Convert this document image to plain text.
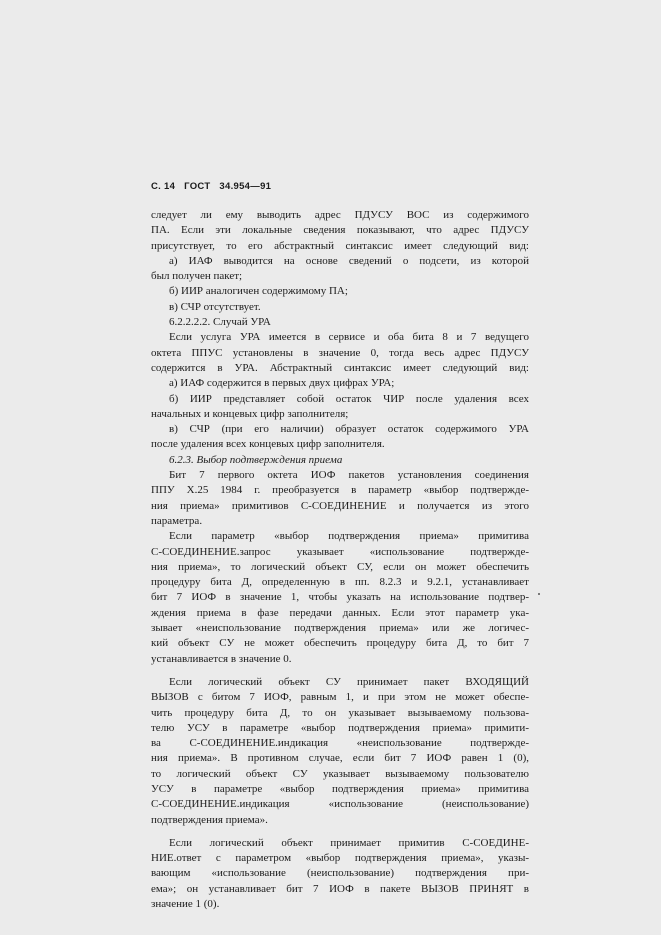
С. 14 ГОСТ 34.954—91
следует ли ему выводить адрес ПДУСУ ВОС из содержимого
ПА. Если эти локальные сведения показывают, что адрес ПДУСУ
присутствует, то его абстрактный синтаксис имеет следующий вид:
а) ИАФ выводится на основе сведений о подсети, из которой
был получен пакет;
б) ИИР аналогичен содержимому ПА;
в) СЧР отсутствует.
6.2.2.2.2. Случай УРА
Если услуга УРА имеется в сервисе и оба бита 8 и 7 ведущего
октета ППУС установлены в значение 0, тогда весь адрес ПДУСУ
содержится в УРА. Абстрактный синтаксис имеет следующий вид:
а) ИАФ содержится в первых двух цифрах УРА;
б) ИИР представляет собой остаток ЧИР после удаления всех
начальных и концевых цифр заполнителя;
в) СЧР (при его наличии) образует остаток содержимого УРА
после удаления всех концевых цифр заполнителя.
6.2.3. Выбор подтверждения приема
Бит 7 первого октета ИОФ пакетов установления соединения
ППУ X.25 1984 г. преобразуется в параметр «выбор подтвержде-
ния приема» примитивов С-СОЕДИНЕНИЕ и получается из этого
параметра.
Если параметр «выбор подтверждения приема» примитива
С-СОЕДИНЕНИЕ.запрос указывает «использование подтвержде-
ния приема», то логический объект СУ, если он может обеспечить
процедуру бита Д, определенную в пп. 8.2.3 и 9.2.1, устанавливает
бит 7 ИОФ в значение 1, чтобы указать на использование подтвер-
ждения приема в фазе передачи данных. Если этот параметр ука-
зывает «неиспользование подтверждения приема» или же логичес-
кий объект СУ не может обеспечить процедуру бита Д, то бит 7
устанавливается в значение 0.
Если логический объект СУ принимает пакет ВХОДЯЩИЙ
ВЫЗОВ с битом 7 ИОФ, равным 1, и при этом не может обеспе-
чить процедуру бита Д, то он указывает вызываемому пользова-
телю УСУ в параметре «выбор подтверждения приема» примити-
ва С-СОЕДИНЕНИЕ.индикация «неиспользование подтвержде-
ния приема». В противном случае, если бит 7 ИОФ равен 1 (0),
то логический объект СУ указывает вызываемому пользователю
УСУ в параметре «выбор подтверждения приема» примитива
С-СОЕДИНЕНИЕ.индикация «использование (неиспользование)
подтверждения приема».
Если логический объект принимает примитив С-СОЕДИНЕ-
НИЕ.ответ с параметром «выбор подтверждения приема», указы-
вающим «использование (неиспользование) подтверждения при-
ема»; он устанавливает бит 7 ИОФ в пакете ВЫЗОВ ПРИНЯТ в
значение 1 (0).
